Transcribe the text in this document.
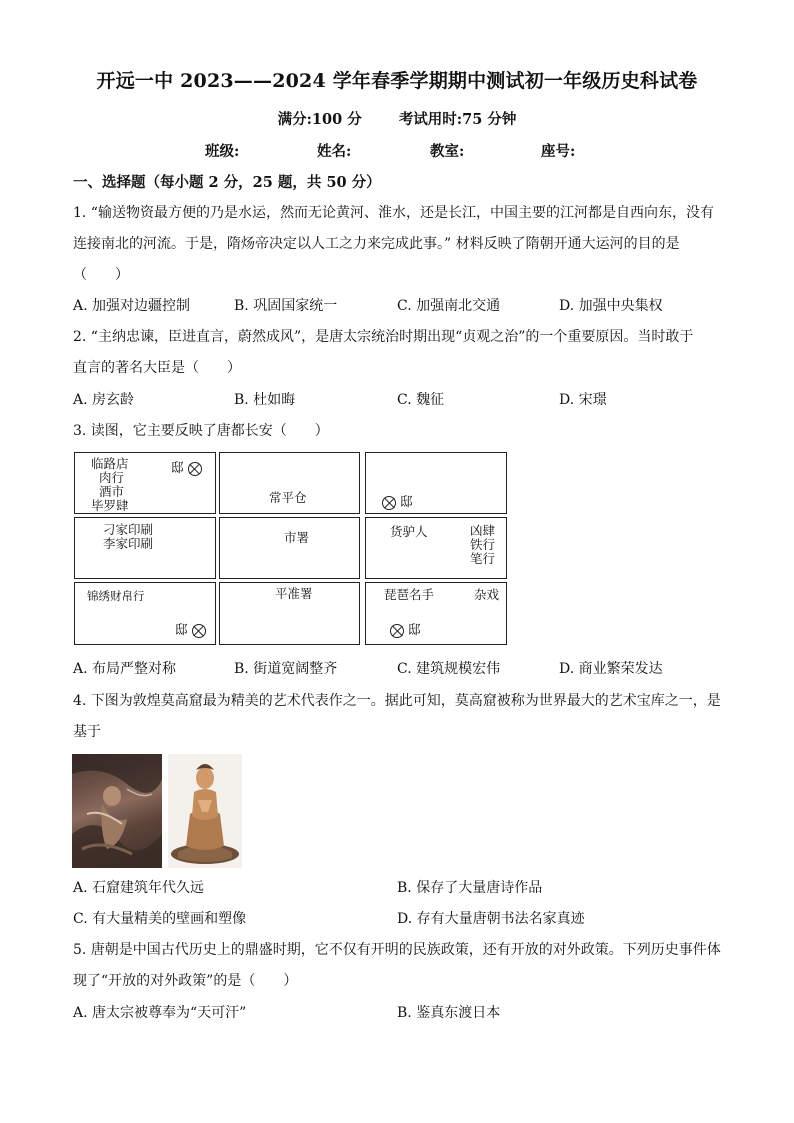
开远一中 2023——2024 学年春季学期期中测试初一年级历史科试卷
满分:100 分	考试用时:75 分钟
班级:	姓名:	教室:	座号:
一、选择题（每小题 2 分，25 题，共 50 分）
1. “输送物资最方便的乃是水运，然而无论黄河、淮水，还是长江，中国主要的江河都是自西向东，没有
连接南北的河流。于是，隋炀帝决定以人工之力来完成此事。” 材料反映了隋朝开通大运河的目的是
（　　）
A. 加强对边疆控制	B. 巩固国家统一	C. 加强南北交通	D. 加强中央集权
2. “主纳忠谏，臣进直言，蔚然成风”，是唐太宗统治时期出现“贞观之治”的一个重要原因。当时敢于
直言的著名大臣是（　　）
A. 房玄龄	B. 杜如晦	C. 魏征	D. 宋璟
3. 读图，它主要反映了唐都长安（　　）
临路店
肉行
酒市
毕罗肆
邸
常平仓	邸
刁家印刷
李家印刷	市署	货驴人	凶肆
铁行
笔行
锦绣财帛行
邸
平准署	琵琶名手	杂戏
邸
A. 布局严整对称	B. 街道宽阔整齐	C. 建筑规模宏伟	D. 商业繁荣发达
4. 下图为敦煌莫高窟最为精美的艺术代表作之一。据此可知，莫高窟被称为世界最大的艺术宝库之一，是
基于
A. 石窟建筑年代久远	B. 保存了大量唐诗作品
C. 有大量精美的壁画和塑像	D. 存有大量唐朝书法名家真迹
5. 唐朝是中国古代历史上的鼎盛时期，它不仅有开明的民族政策，还有开放的对外政策。下列历史事件体
现了“开放的对外政策”的是（　　）
A. 唐太宗被尊奉为“天可汗”	B. 鉴真东渡日本
